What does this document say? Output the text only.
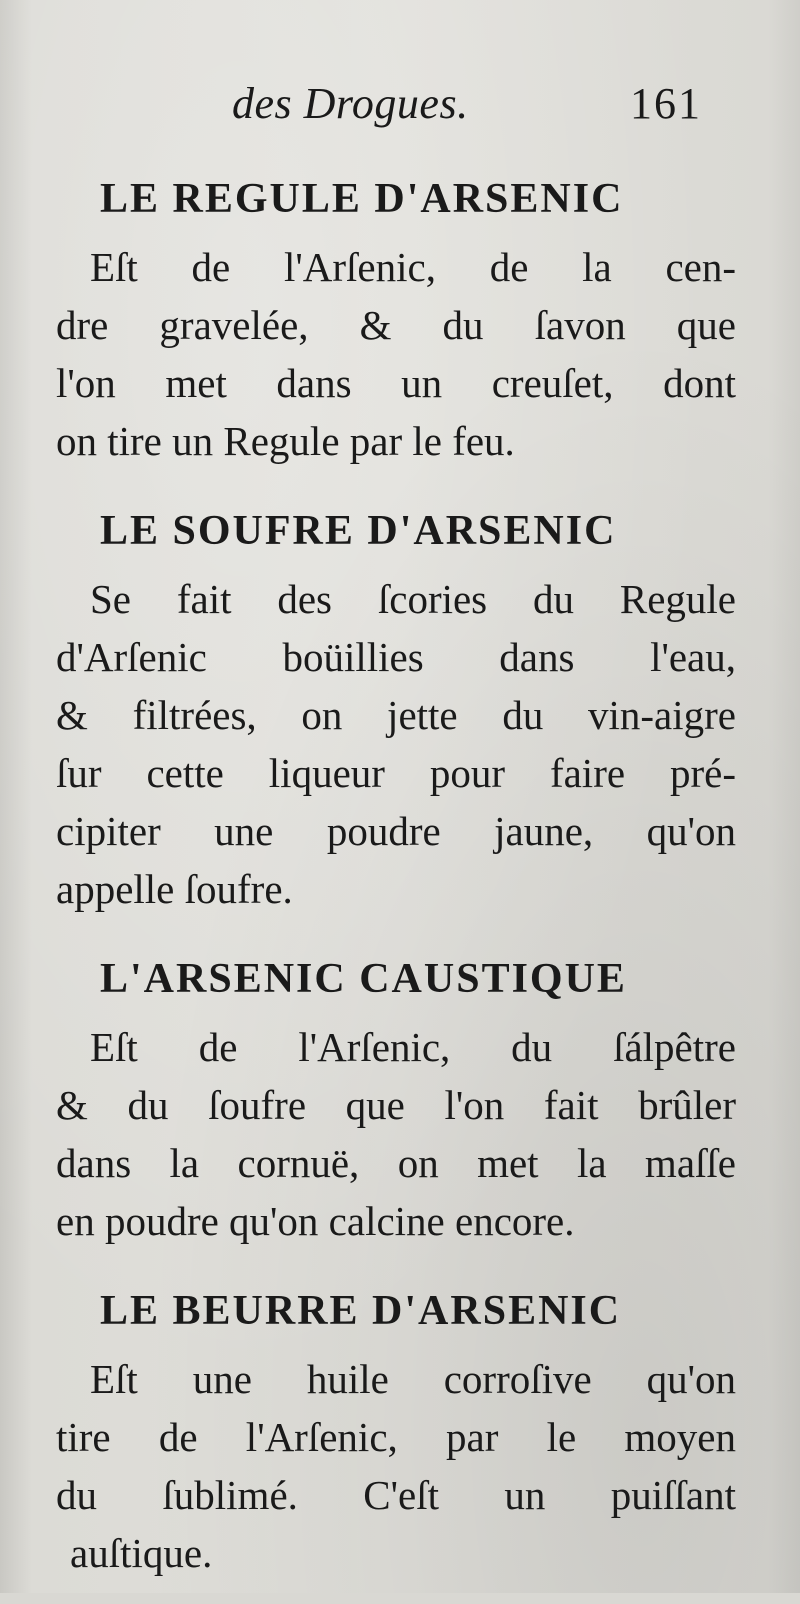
des Drogues.	161
LE REGULE D'ARSENIC

Eſt de l'Arſenic, de la cen-
dre gravelée, & du ſavon que
l'on met dans un creuſet, dont
on tire un Regule par le feu.

LE SOUFRE D'ARSENIC

Se fait des ſcories du Regule
d'Arſenic boüillies dans l'eau,
& filtrées, on jette du vin-aigre
ſur cette liqueur pour faire pré-
cipiter une poudre jaune, qu'on
appelle ſoufre.

L'ARSENIC CAUSTIQUE

Eſt de l'Arſenic, du ſálpêtre
& du ſoufre que l'on fait brûler
dans la cornuë, on met la maſſe
en poudre qu'on calcine encore.

LE BEURRE D'ARSENIC

Eſt une huile corroſive qu'on
tire de l'Arſenic, par le moyen
du ſublimé. C'eſt un puiſſant
auſtique.
